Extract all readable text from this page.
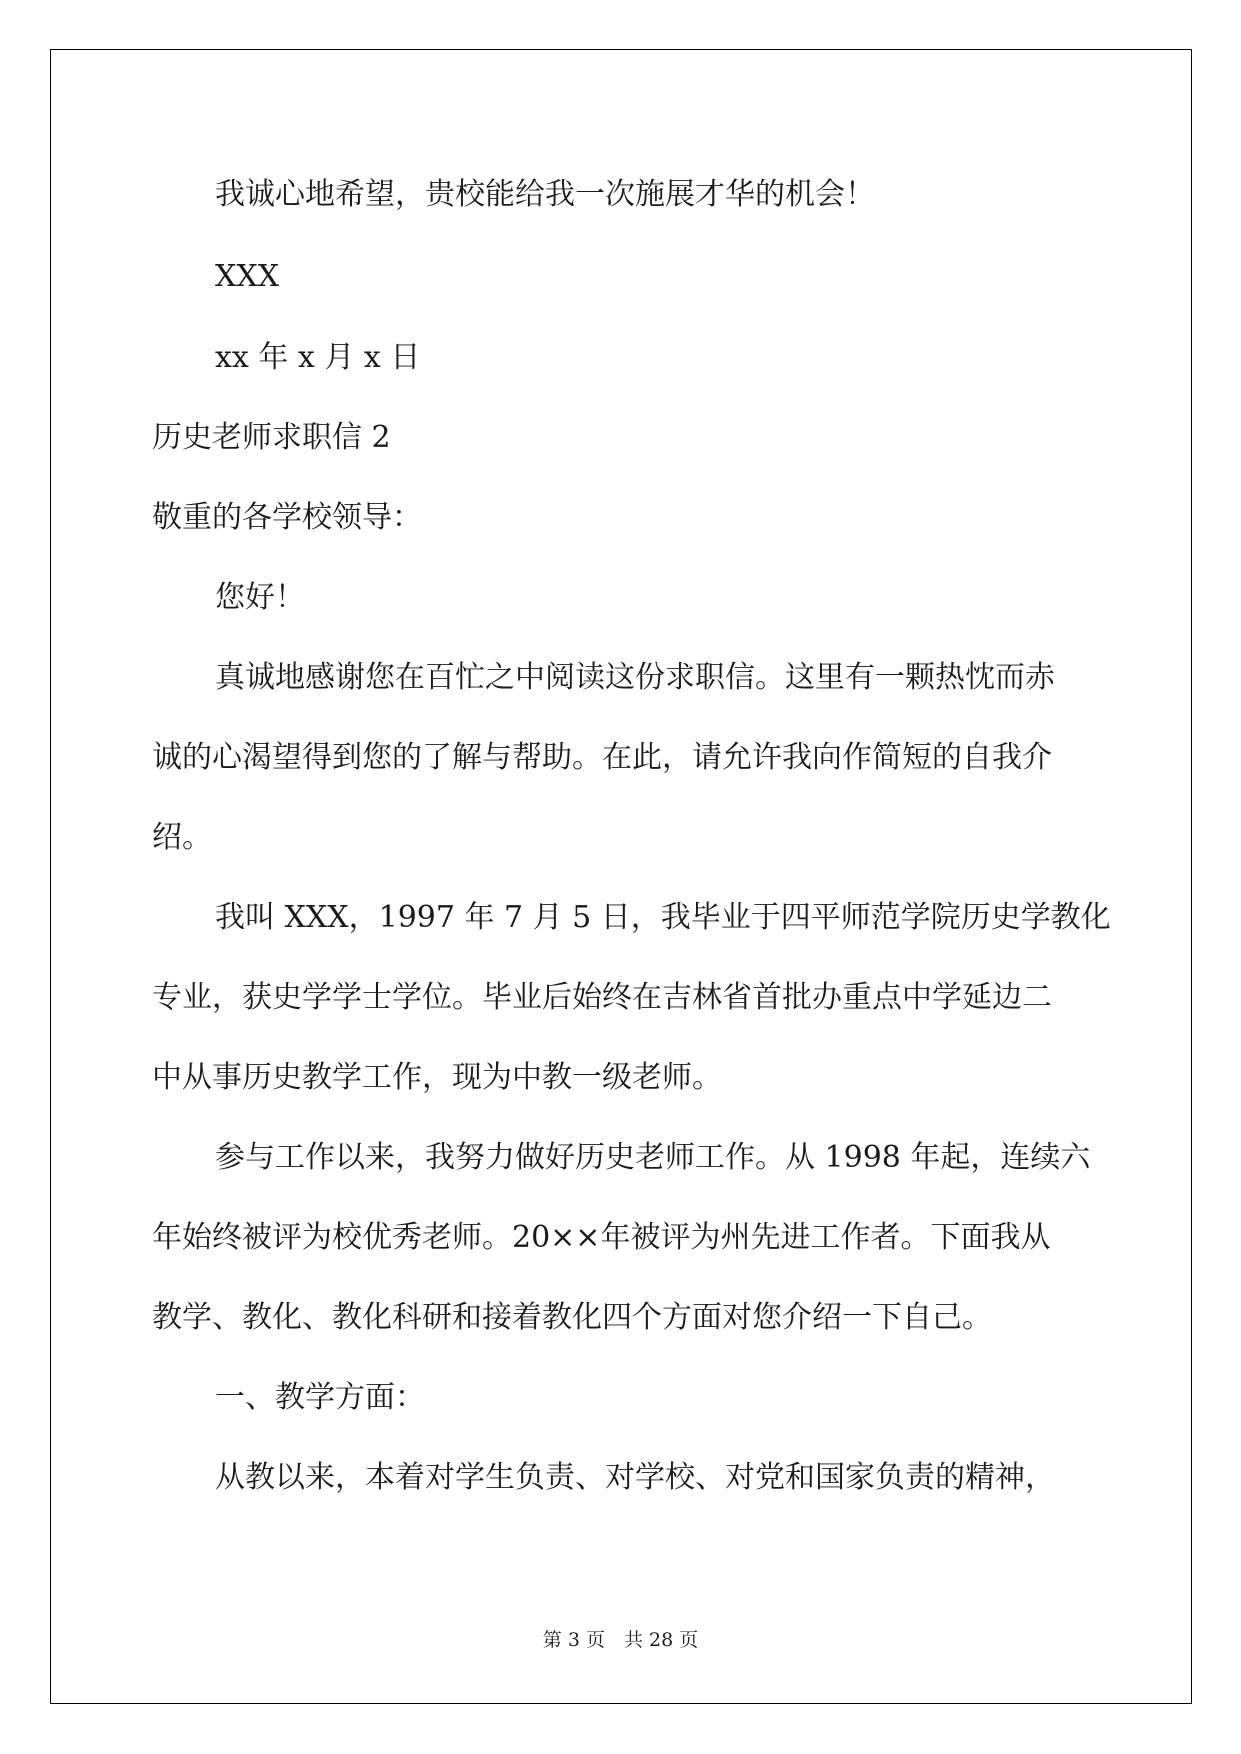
我诚心地希望，贵校能给我一次施展才华的机会！

XXX

xx 年 x 月 x 日

历史老师求职信 2

敬重的各学校领导：

您好！

真诚地感谢您在百忙之中阅读这份求职信。这里有一颗热忱而赤

诚的心渴望得到您的了解与帮助。在此，请允许我向作简短的自我介

绍。

我叫 XXX，1997 年 7 月 5 日，我毕业于四平师范学院历史学教化

专业，获史学学士学位。毕业后始终在吉林省首批办重点中学延边二

中从事历史教学工作，现为中教一级老师。

参与工作以来，我努力做好历史老师工作。从 1998 年起，连续六

年始终被评为校优秀老师。20××年被评为州先进工作者。下面我从

教学、教化、教化科研和接着教化四个方面对您介绍一下自己。

一、教学方面：

从教以来，本着对学生负责、对学校、对党和国家负责的精神，

第 3 页　共 28 页
